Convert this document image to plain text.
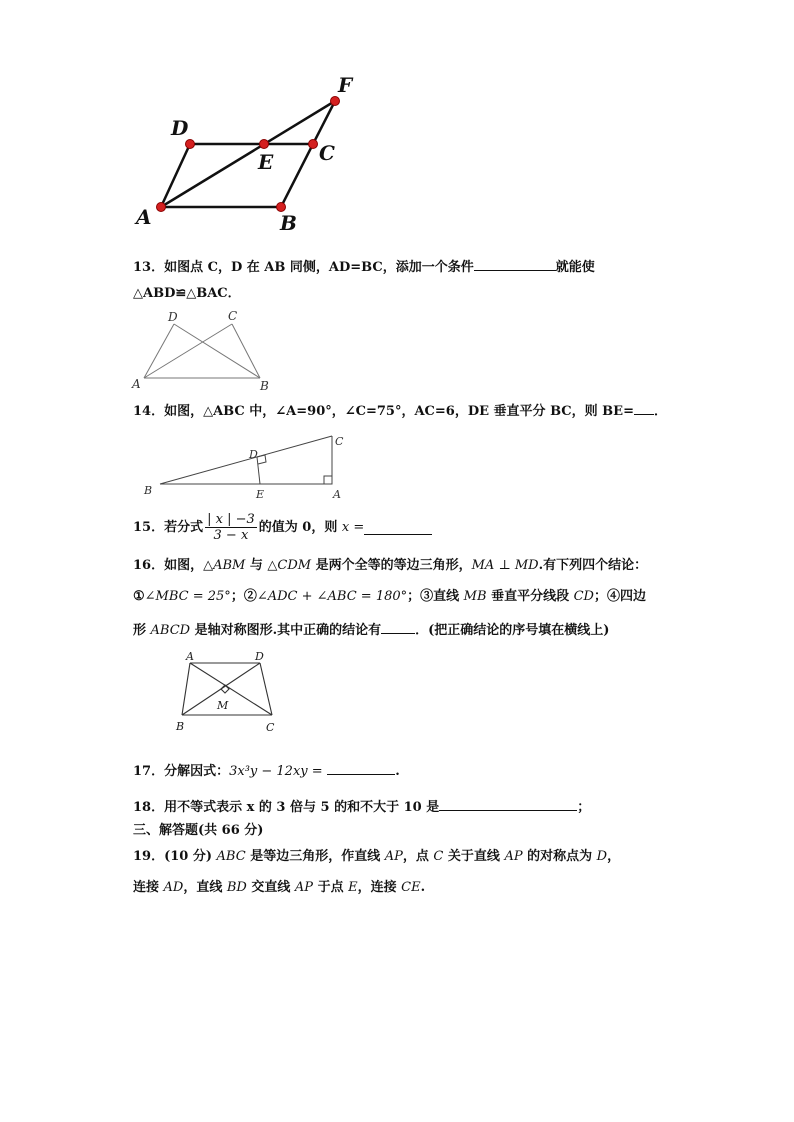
A	B
C
D
E
F
13．如图点 C，D 在 AB 同侧，AD=BC，添加一个条件	就能使
△ABD≌△BAC．
A	B
C
D
14．如图，△ABC 中，∠A=90°，∠C=75°，AC=6，DE 垂直平分 BC，则 BE= ．
B
C
A
D
E
15．若分式 $\frac{| x | -3}{3 - x}$ 的值为 0，则 x =
16．如图，△ABM 与 △CDM 是两个全等的等边三角形，MA ⊥ MD.有下列四个结论：
①∠MBC = 25°；②∠ADC + ∠ABC = 180°；③直线 MB 垂直平分线段 CD；④四边
形 ABCD 是轴对称图形.其中正确的结论有	．(把正确结论的序号填在横线上)
A	D
B	C
M
17．分解因式：3x³y − 12xy =	.
18．用不等式表示 x 的 3 倍与 5 的和不大于 10 是	；
三、解答题(共 66 分)
19．(10 分) ABC 是等边三角形，作直线 AP，点 C 关于直线 AP 的对称点为 D，
连接 AD，直线 BD 交直线 AP 于点 E，连接 CE.
